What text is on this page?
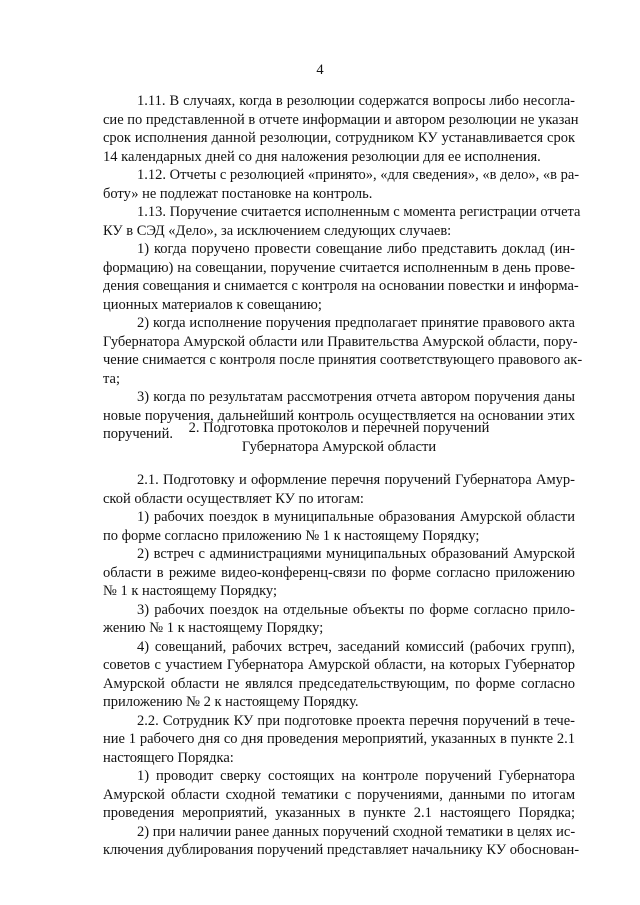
4
1.11. В случаях, когда в резолюции содержатся вопросы либо несогла-
сие по представленной в отчете информации и автором резолюции не указан
срок исполнения данной резолюции, сотрудником КУ устанавливается срок
14 календарных дней со дня наложения резолюции для ее исполнения.
1.12. Отчеты с резолюцией «принято», «для сведения», «в дело», «в ра-
боту» не подлежат постановке на контроль.
1.13. Поручение считается исполненным с момента регистрации отчета
КУ в СЭД «Дело», за исключением следующих случаев:
1) когда поручено провести совещание либо представить доклад (ин-
формацию) на совещании, поручение считается исполненным в день прове-
дения совещания и снимается с контроля на основании повестки и информа-
ционных материалов к совещанию;
2) когда исполнение поручения предполагает принятие правового акта
Губернатора Амурской области или Правительства Амурской области, пору-
чение снимается с контроля после принятия соответствующего правового ак-
та;
3) когда по результатам рассмотрения отчета автором поручения даны
новые поручения, дальнейший контроль осуществляется на основании этих
поручений.	2. Подготовка протоколов и перечней поручений
Губернатора Амурской области
2.1. Подготовку и оформление перечня поручений Губернатора Амур-
ской области осуществляет КУ по итогам:
1) рабочих поездок в муниципальные образования Амурской области
по форме согласно приложению № 1 к настоящему Порядку;
2) встреч с администрациями муниципальных образований Амурской
области в режиме видео-конференц-связи по форме согласно приложению
№ 1 к настоящему Порядку;
3) рабочих поездок на отдельные объекты по форме согласно прило-
жению № 1 к настоящему Порядку;
4) совещаний, рабочих встреч, заседаний комиссий (рабочих групп),
советов с участием Губернатора Амурской области, на которых Губернатор
Амурской области не являлся председательствующим, по форме согласно
приложению № 2 к настоящему Порядку.
2.2. Сотрудник КУ при подготовке проекта перечня поручений в тече-
ние 1 рабочего дня со дня проведения мероприятий, указанных в пункте 2.1
настоящего Порядка:
1) проводит сверку состоящих на контроле поручений Губернатора
Амурской области сходной тематики с поручениями, данными по итогам
проведения мероприятий, указанных в пункте 2.1 настоящего Порядка;
2) при наличии ранее данных поручений сходной тематики в целях ис-
ключения дублирования поручений представляет начальнику КУ обоснован-
